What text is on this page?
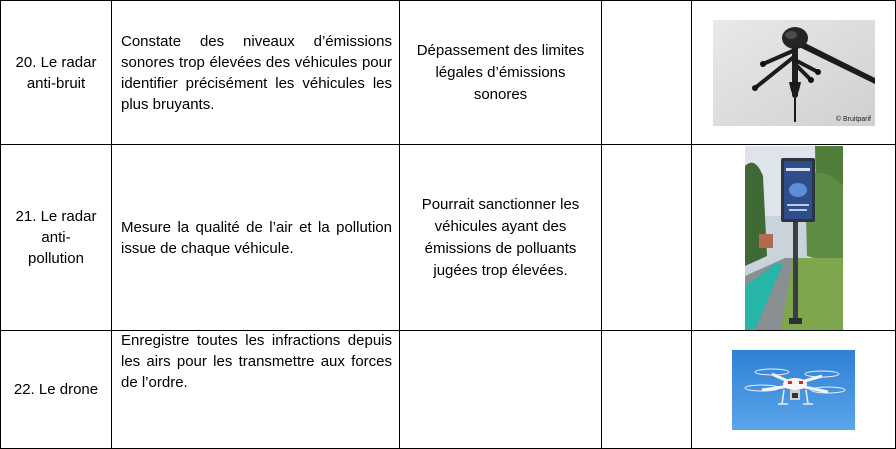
20. Le radar anti-bruit	Constate des niveaux d’émissions sonores trop élevées des véhicules pour identifier précisément les véhicules les plus bruyants.	Dépassement des limites légales d’émissions sonores		© Bruitparif

21. Le radar anti-pollution	Mesure la qualité de l’air et la pollution issue de chaque véhicule.	Pourrait sanctionner les véhicules ayant des émissions de polluants jugées trop élevées.

22. Le drone	Enregistre toutes les infractions depuis les airs pour les transmettre aux forces de l’ordre.
